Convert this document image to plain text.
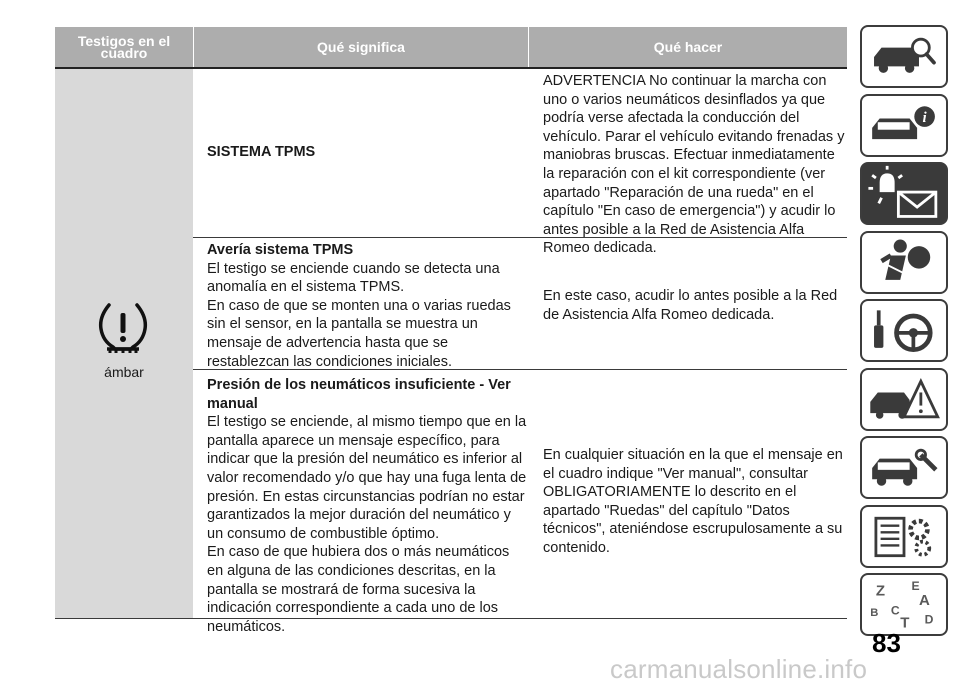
Testigos en el cuadro	Qué significa	Qué hacer
ámbar
SISTEMA TPMS
ADVERTENCIA No continuar la marcha con uno o varios neumáticos desinflados ya que podría verse afectada la conducción del vehículo. Parar el vehículo evitando frenadas y maniobras bruscas. Efectuar inmediatamente la reparación con el kit correspondiente (ver apartado "Reparación de una rueda" en el capítulo "En caso de emergencia") y acudir lo antes posible a la Red de Asistencia Alfa Romeo dedicada.
Avería sistema TPMS
El testigo se enciende cuando se detecta una anomalía en el sistema TPMS.
En caso de que se monten una o varias ruedas sin el sensor, en la pantalla se muestra un mensaje de advertencia hasta que se restablezcan las condiciones iniciales.
En este caso, acudir lo antes posible a la Red de Asistencia Alfa Romeo dedicada.
Presión de los neumáticos insuficiente - Ver manual
El testigo se enciende, al mismo tiempo que en la pantalla aparece un mensaje específico, para indicar que la presión del neumático es inferior al valor recomendado y/o que hay una fuga lenta de presión. En estas circunstancias podrían no estar garantizados la mejor duración del neumático y un consumo de combustible óptimo.
En caso de que hubiera dos o más neumáticos en alguna de las condiciones descritas, en la pantalla se mostrará de forma sucesiva la indicación correspondiente a cada uno de los neumáticos.
En cualquier situación en la que el mensaje en el cuadro indique "Ver manual", consultar OBLIGATORIAMENTE lo descrito en el apartado "Ruedas" del capítulo "Datos técnicos", ateniéndose escrupulosamente a su contenido.
i
Z E
A
B C
T D
83
carmanualsonline.info
